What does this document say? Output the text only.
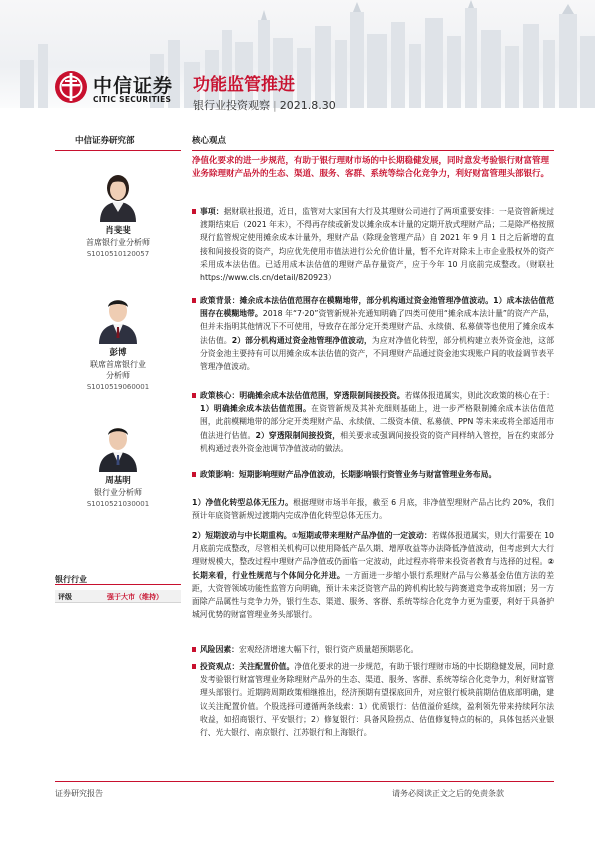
中信证券
CITIC SECURITIES
功能监管推进
银行业投资观察 | 2021.8.30
中信证券研究部
肖斐斐
首席银行业分析师
S1010510120057
彭博
联席首席银行业
分析师
S1010519060001
周基明
银行业分析师
S1010521030001
银行行业
评级	强于大市（维持）
核心观点
净值化要求的进一步规范，有助于银行理财市场的中长期稳健发展，同时意发考验银行财富管理业务除理财产品外的生态、渠道、服务、客群、系统等综合化竞争力，利好财富管理头部银行。
事项：据财联社报道，近日，监管对大家国有大行及其理财公司进行了两项重要安排：一是资管新规过渡期结束后（2021 年末），不得再存续或新发以摊余成本计量的定期开放式理财产品；二是除严格按照现行监管规定使用摊余成本计量外，理财产品（除现金管理产品）自 2021 年 9 月 1 日之后新增的直接和间接投资的资产，均应优先使用市值法进行公允价值计量，暂不允许对除未上市企业股权外的资产采用成本法估值。已适用成本法估值的理财产品存量资产，应于今年 10 月底前完成整改。（财联社 https://www.cls.cn/detail/820923）
政策背景：摊余成本法估值范围存在模糊地带，部分机构通过资金池管理净值波动。1）成本法估值范围存在模糊地带。2018 年“7·20”资管新规补充通知明确了四类可使用“摊余成本法计量”的资产产品，但并未指明其他情况下不可使用，导致存在部分定开类理财产品、永续债、私募债等也使用了摊余成本法估值。2）部分机构通过资金池管理净值波动，为应对净值化转型，部分机构建立表外资金池，这部分资金池主要持有可以用摊余成本法估值的资产，不同理财产品通过资金池实现账户间的收益调节表平管理净值波动。
政策核心：明确摊余成本法估值范围，穿透限制间接投资。若媒体报道属实，则此次政策的核心在于：1）明确摊余成本法估值范围。在资管新规及其补充细则基础上，进一步严格限制摊余成本法估值范围，此前模糊地带的部分定开类理财产品、永续债、二级资本债、私募债、PPN 等未来或将全部适用市值法进行估值。2）穿透限制间接投资，相关要求或强调间接投资的资产同样纳入管控，旨在约束部分机构通过表外资金池调节净值波动的做法。
政策影响：短期影响理财产品净值波动，长期影响银行资管业务与财富管理业务布局。
1）净值化转型总体无压力。根据理财市场半年报，截至 6 月底，非净值型理财产品占比约 20%，我们预计年底资管新规过渡期内完成净值化转型总体无压力。
2）短期波动与中长期重构。①短期或带来理财产品净值的一定波动：若媒体报道属实，则大行需要在 10 月底前完成整改，尽管相关机构可以使用降低产品久期、增厚收益等办法降低净值波动，但考虑到大大行理财规模大，整改过程中理财产品净值或仍面临一定波动，此过程亦将带来投资者教育与选择的过程。②长期来看，行业性规范与个体间分化并进。一方面进一步缩小银行系理财产品与公募基金估值方法的差距，大资管领域功能性监管方向明确，预计未来泛资管产品的跨机构比较与跨赛道竞争或将加剧；另一方面除产品属性与竞争力外，银行生态、渠道、服务、客群、系统等综合化竞争力更为重要，利好于具备护城河优势的财富管理业务头部银行。
风险因素：宏观经济增速大幅下行，银行资产质量超预期恶化。
投资观点：关注配置价值。净值化要求的进一步规范，有助于银行理财市场的中长期稳健发展，同时意发考验银行财富管理业务除理财产品外的生态、渠道、服务、客群、系统等综合化竞争力，利好财富管理头部银行。近期跨周期政策相继推出，经济预期有望探底回升，对应银行板块前期估值底部明确，建议关注配置价值。个股选择可遵循两条线索：1）优质银行：估值溢价延续，盈利领先带来持续阿尔法收益，如招商银行、平安银行；2）修复银行：具备风险拐点、估值修复特点的标的，具体包括兴业银行、光大银行、南京银行、江苏银行和上海银行。
证券研究报告	请务必阅读正文之后的免责条款
